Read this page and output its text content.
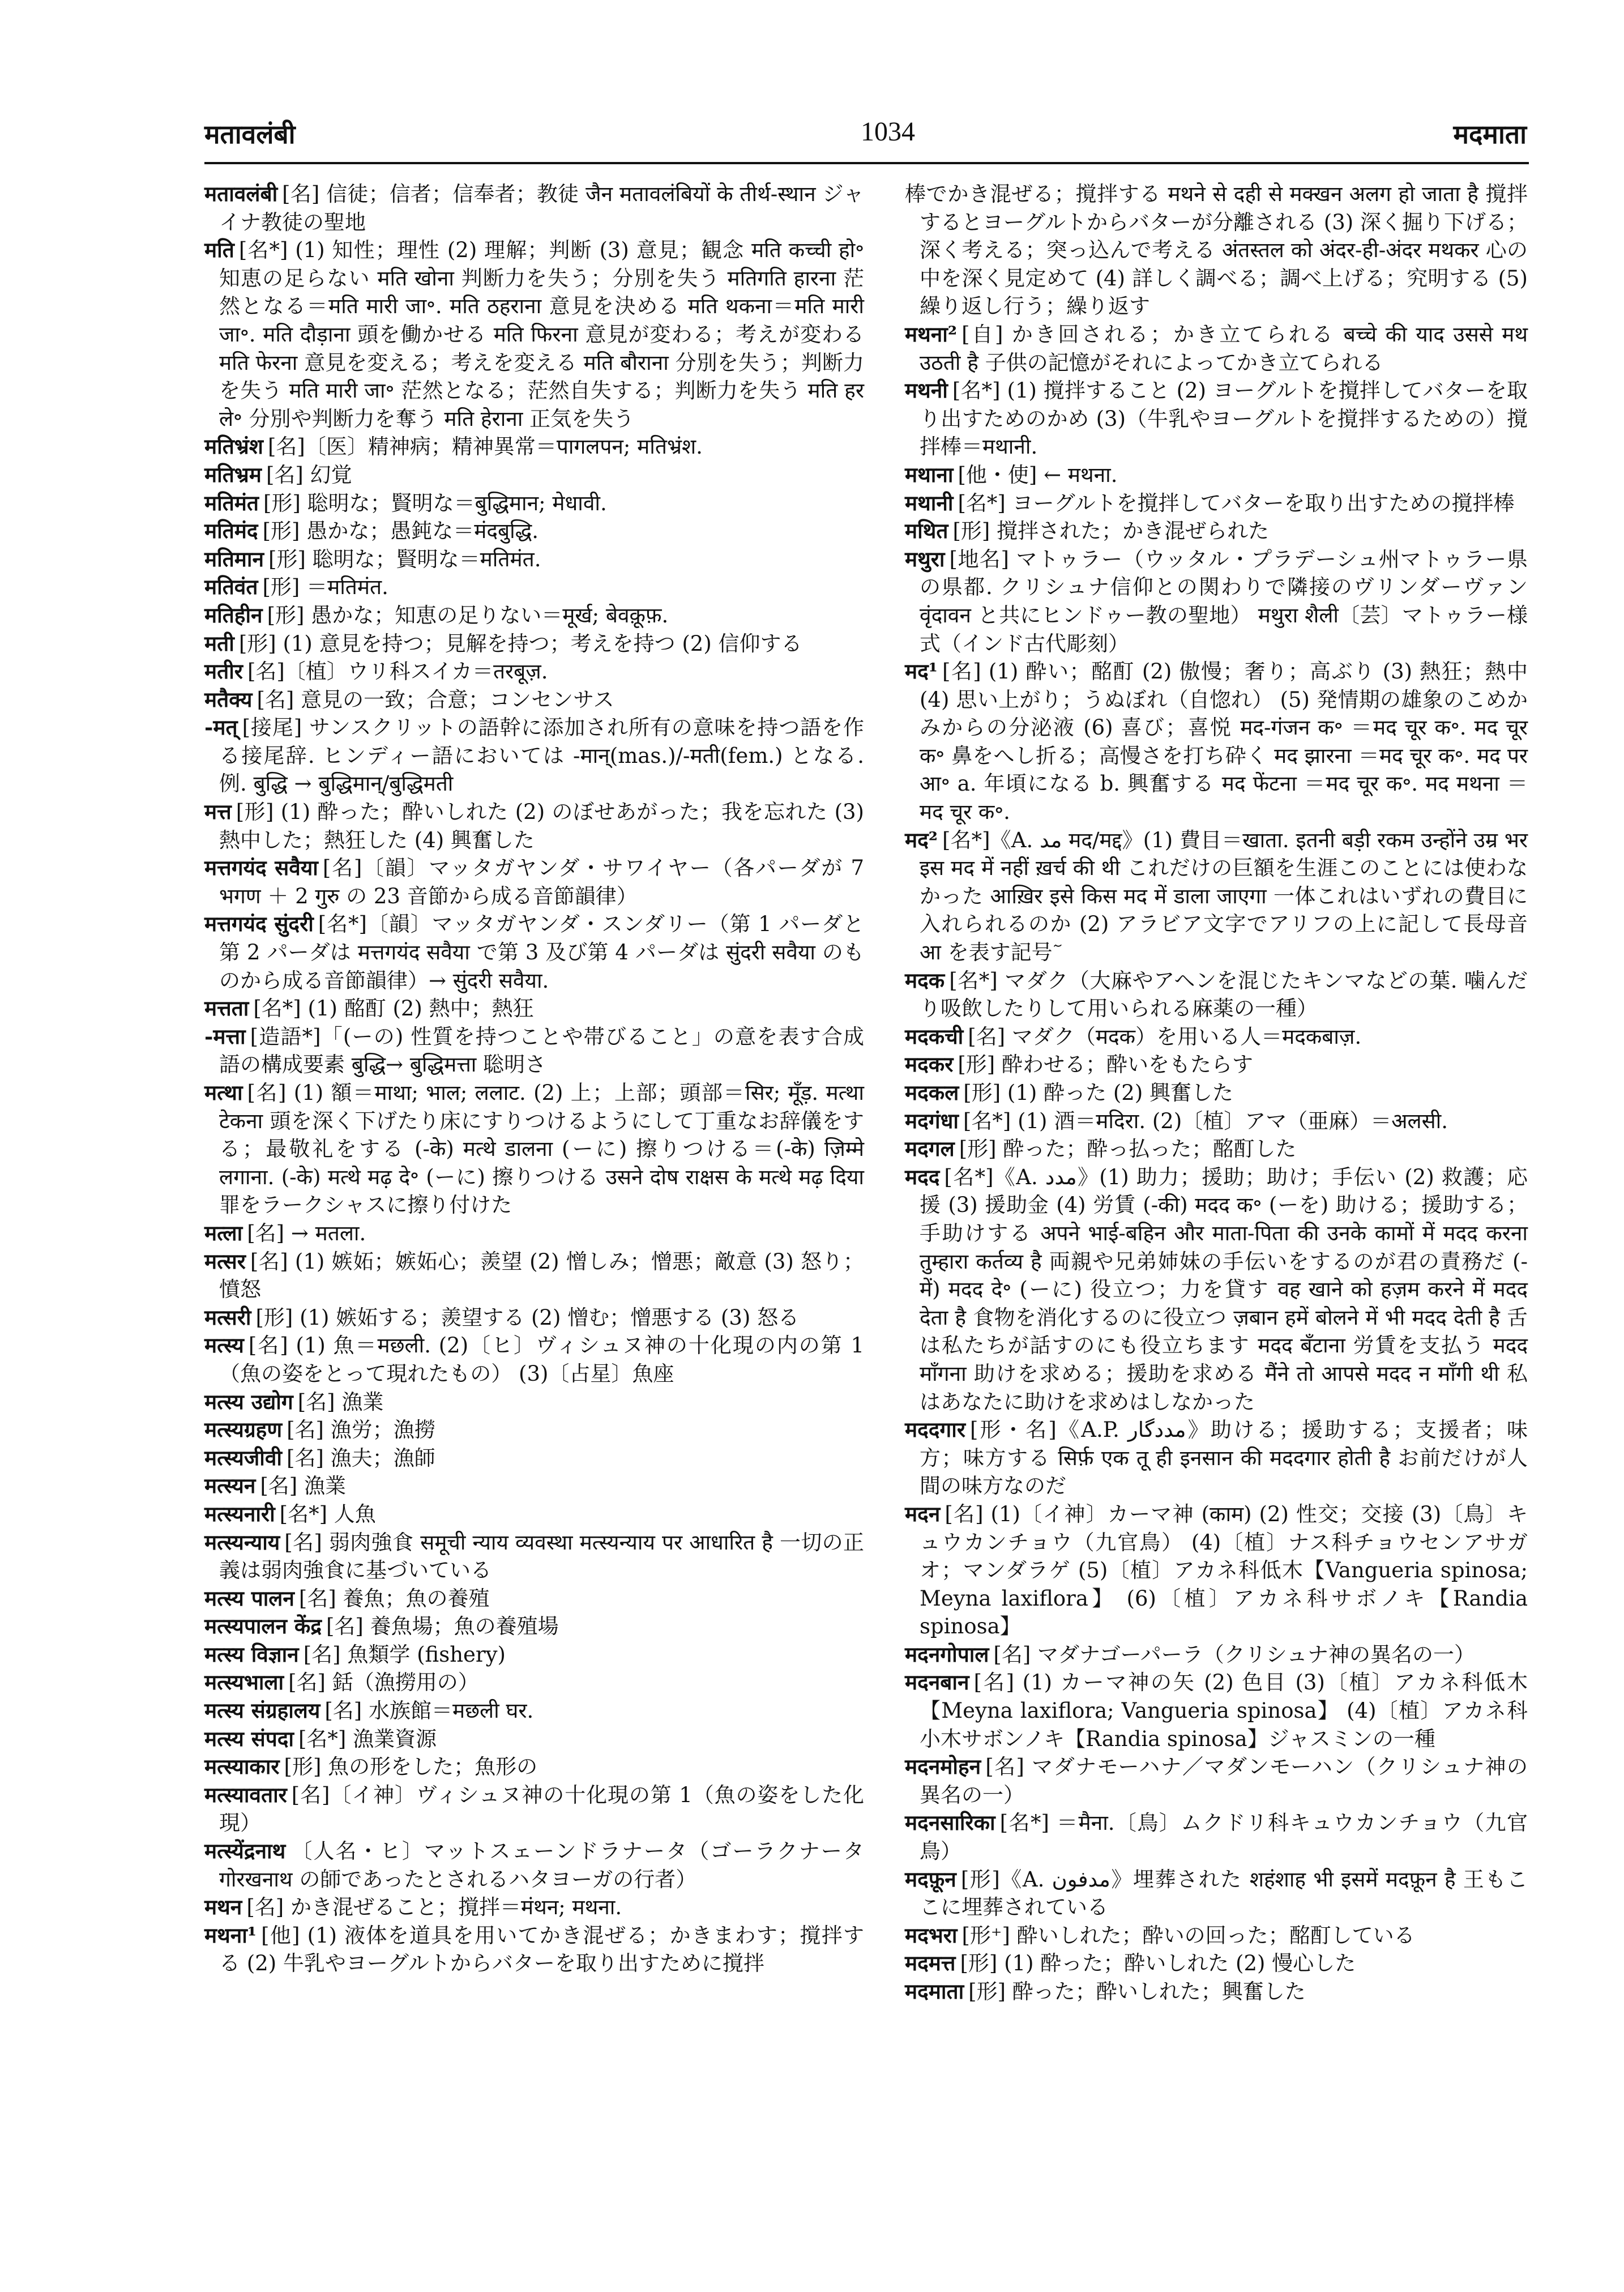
मतावलंबी	1034	मदमाता

मतावलंबी [名] 信徒；信者；信奉者；教徒 जैन मतावलंबियों के तीर्थ-स्थान ジャイナ教徒の聖地

मति [名*] (1) 知性；理性 (2) 理解；判断 (3) 意見；観念 मति कच्ची हो॰ 知恵の足らない मति खोना 判断力を失う；分別を失う मतिगति हारना 茫然となる＝मति मारी जा॰. मति ठहराना 意見を決める मति थकना＝मति मारी जा॰. मति दौड़ाना 頭を働かせる मति फिरना 意見が変わる；考えが変わる मति फेरना 意見を変える；考えを変える मति बौराना 分別を失う；判断力を失う मति मारी जा॰ 茫然となる；茫然自失する；判断力を失う मति हर ले॰ 分別や判断力を奪う मति हेराना 正気を失う

मतिभ्रंश [名]〔医〕精神病；精神異常＝पागलपन; मतिभ्रंश.

मतिभ्रम [名] 幻覚

मतिमंत [形] 聡明な；賢明な＝बुद्धिमान; मेधावी.

मतिमंद [形] 愚かな；愚鈍な＝मंदबुद्धि.

मतिमान [形] 聡明な；賢明な＝मतिमंत.

मतिवंत [形] ＝मतिमंत.

मतिहीन [形] 愚かな；知恵の足りない＝मूर्ख; बेवक़ूफ़.

मती [形] (1) 意見を持つ；見解を持つ；考えを持つ (2) 信仰する

मतीर [名]〔植〕ウリ科スイカ＝तरबूज़.

मतैक्य [名] 意見の一致；合意；コンセンサス

-मत् [接尾] サンスクリットの語幹に添加され所有の意味を持つ語を作る接尾辞. ヒンディー語においては -मान्(mas.)/-मती(fem.) となる. 例. बुद्धि → बुद्धिमान्/बुद्धिमती

मत्त [形] (1) 酔った；酔いしれた (2) のぼせあがった；我を忘れた (3) 熱中した；熱狂した (4) 興奮した

मत्तगयंद सवैया [名]〔韻〕マッタガヤンダ・サワイヤー（各パーダが 7 भगण ＋ 2 गुरु の 23 音節から成る音節韻律）

मत्तगयंद सुंदरी [名*]〔韻〕マッタガヤンダ・スンダリー（第 1 パーダと第 2 パーダは मत्तगयंद सवैया で第 3 及び第 4 パーダは सुंदरी सवैया のものから成る音節韻律）→ सुंदरी सवैया.

मत्तता [名*] (1) 酩酊 (2) 熱中；熱狂

-मत्ता [造語*]「(ーの) 性質を持つことや帯びること」の意を表す合成語の構成要素 बुद्धि→ बुद्धिमत्ता 聡明さ

मत्था [名] (1) 額＝माथा; भाल; ललाट. (2) 上；上部；頭部＝सिर; मूँड़. मत्था टेकना 頭を深く下げたり床にすりつけるようにして丁重なお辞儀をする；最敬礼をする (-के) मत्थे डालना (ーに) 擦りつける＝(-के) ज़िम्मे लगाना. (-के) मत्थे मढ़ दे॰ (ーに) 擦りつける उसने दोष राक्षस के मत्थे मढ़ दिया 罪をラークシャスに擦り付けた

मत्ला [名] → मतला.

मत्सर [名] (1) 嫉妬；嫉妬心；羨望 (2) 憎しみ；憎悪；敵意 (3) 怒り；憤怒

मत्सरी [形] (1) 嫉妬する；羨望する (2) 憎む；憎悪する (3) 怒る

मत्स्य [名] (1) 魚＝मछली. (2)〔ヒ〕ヴィシュヌ神の十化現の内の第 1（魚の姿をとって現れたもの） (3)〔占星〕魚座

मत्स्य उद्योग [名] 漁業

मत्स्यग्रहण [名] 漁労；漁撈

मत्स्यजीवी [名] 漁夫；漁師

मत्स्यन [名] 漁業

मत्स्यनारी [名*] 人魚

मत्स्यन्याय [名] 弱肉強食 समूची न्याय व्यवस्था मत्स्यन्याय पर आधारित है 一切の正義は弱肉強食に基づいている

मत्स्य पालन [名] 養魚；魚の養殖

मत्स्यपालन केंद्र [名] 養魚場；魚の養殖場

मत्स्य विज्ञान [名] 魚類学 (fishery)

मत्स्यभाला [名] 銛（漁撈用の）

मत्स्य संग्रहालय [名] 水族館＝मछली घर.

मत्स्य संपदा [名*] 漁業資源

मत्स्याकार [形] 魚の形をした；魚形の

मत्स्यावतार [名]〔イ神〕ヴィシュヌ神の十化現の第 1（魚の姿をした化現）

मत्स्येंद्रनाथ 〔人名・ヒ〕マットスェーンドラナータ（ゴーラクナータ गोरखनाथ の師であったとされるハタヨーガの行者）

मथन [名] かき混ぜること；撹拌＝मंथन; मथना.

मथना¹ [他] (1) 液体を道具を用いてかき混ぜる；かきまわす；撹拌する (2) 牛乳やヨーグルトからバターを取り出すために撹拌

棒でかき混ぜる；撹拌する मथने से दही से मक्खन अलग हो जाता है 撹拌するとヨーグルトからバターが分離される (3) 深く掘り下げる；深く考える；突っ込んで考える अंतस्तल को अंदर-ही-अंदर मथकर 心の中を深く見定めて (4) 詳しく調べる；調べ上げる；究明する (5) 繰り返し行う；繰り返す

मथना² [自] かき回される；かき立てられる बच्चे की याद उससे मथ उठती है 子供の記憶がそれによってかき立てられる

मथनी [名*] (1) 撹拌すること (2) ヨーグルトを撹拌してバターを取り出すためのかめ (3)（牛乳やヨーグルトを撹拌するための）撹拌棒＝मथानी.

मथाना [他・使] ← मथना.

मथानी [名*] ヨーグルトを撹拌してバターを取り出すための撹拌棒

मथित [形] 撹拌された；かき混ぜられた

मथुरा [地名] マトゥラー（ウッタル・プラデーシュ州マトゥラー県の県都. クリシュナ信仰との関わりで隣接のヴリンダーヴァン वृंदावन と共にヒンドゥー教の聖地） मथुरा शैली〔芸〕マトゥラー様式（インド古代彫刻）

मद¹ [名] (1) 酔い；酩酊 (2) 傲慢；奢り；高ぶり (3) 熱狂；熱中 (4) 思い上がり；うぬぼれ（自惚れ） (5) 発情期の雄象のこめかみからの分泌液 (6) 喜び；喜悦 मद-गंजन क॰ ＝मद चूर क॰. मद चूर क॰ 鼻をへし折る；高慢さを打ち砕く मद झारना ＝मद चूर क॰. मद पर आ॰ a. 年頃になる b. 興奮する मद फेंटना ＝मद चूर क॰. मद मथना ＝मद चूर क॰.

मद² [名*]《A. مد मद/मद्द》(1) 費目＝खाता. इतनी बड़ी रकम उन्होंने उम्र भर इस मद में नहीं ख़र्च की थी これだけの巨額を生涯このことには使わなかった आख़िर इसे किस मद में डाला जाएगा 一体これはいずれの費目に入れられるのか (2) アラビア文字でアリフの上に記して長母音 आ を表す記号 ٓ

मदक [名*] マダク（大麻やアヘンを混じたキンマなどの葉. 噛んだり吸飲したりして用いられる麻薬の一種）

मदकची [名] マダク（मदक）を用いる人＝मदकबाज़.

मदकर [形] 酔わせる；酔いをもたらす

मदकल [形] (1) 酔った (2) 興奮した

मदगंधा [名*] (1) 酒＝मदिरा. (2)〔植〕アマ（亜麻）＝अलसी.

मदगल [形] 酔った；酔っ払った；酩酊した

मदद [名*]《A. مدد》(1) 助力；援助；助け；手伝い (2) 救護；応援 (3) 援助金 (4) 労賃 (-की) मदद क॰ (ーを) 助ける；援助する；手助けする अपने भाई-बहिन और माता-पिता की उनके कामों में मदद करना तुम्हारा कर्तव्य है 両親や兄弟姉妹の手伝いをするのが君の責務だ (-में) मदद दे॰ (ーに) 役立つ；力を貸す वह खाने को हज़म करने में मदद देता है 食物を消化するのに役立つ ज़बान हमें बोलने में भी मदद देती है 舌は私たちが話すのにも役立ちます मदद बँटाना 労賃を支払う मदद माँगना 助けを求める；援助を求める मैंने तो आपसे मदद न माँगी थी 私はあなたに助けを求めはしなかった

मददगार [形・名]《A.P. مددگار》助ける；援助する；支援者；味方；味方する सिर्फ़ एक तू ही इनसान की मददगार होती है お前だけが人間の味方なのだ

मदन [名] (1)〔イ神〕カーマ神 (काम) (2) 性交；交接 (3)〔鳥〕キュウカンチョウ（九官鳥） (4)〔植〕ナス科チョウセンアサガオ；マンダラゲ (5)〔植〕アカネ科低木【Vangueria spinosa; Meyna laxiflora】 (6)〔植〕アカネ科サボノキ【Randia spinosa】

मदनगोपाल [名] マダナゴーパーラ（クリシュナ神の異名の一）

मदनबान [名] (1) カーマ神の矢 (2) 色目 (3)〔植〕アカネ科低木【Meyna laxiflora; Vangueria spinosa】 (4)〔植〕アカネ科小木サボンノキ【Randia spinosa】ジャスミンの一種

मदनमोहन [名] マダナモーハナ／マダンモーハン（クリシュナ神の異名の一）

मदनसारिका [名*] ＝मैना.〔鳥〕ムクドリ科キュウカンチョウ（九官鳥）

मदफ़ून [形]《A. مدفون》埋葬された शहंशाह भी इसमें मदफ़ून है 王もここに埋葬されている

मदभरा [形⁺] 酔いしれた；酔いの回った；酩酊している

मदमत्त [形] (1) 酔った；酔いしれた (2) 慢心した

मदमाता [形] 酔った；酔いしれた；興奮した
